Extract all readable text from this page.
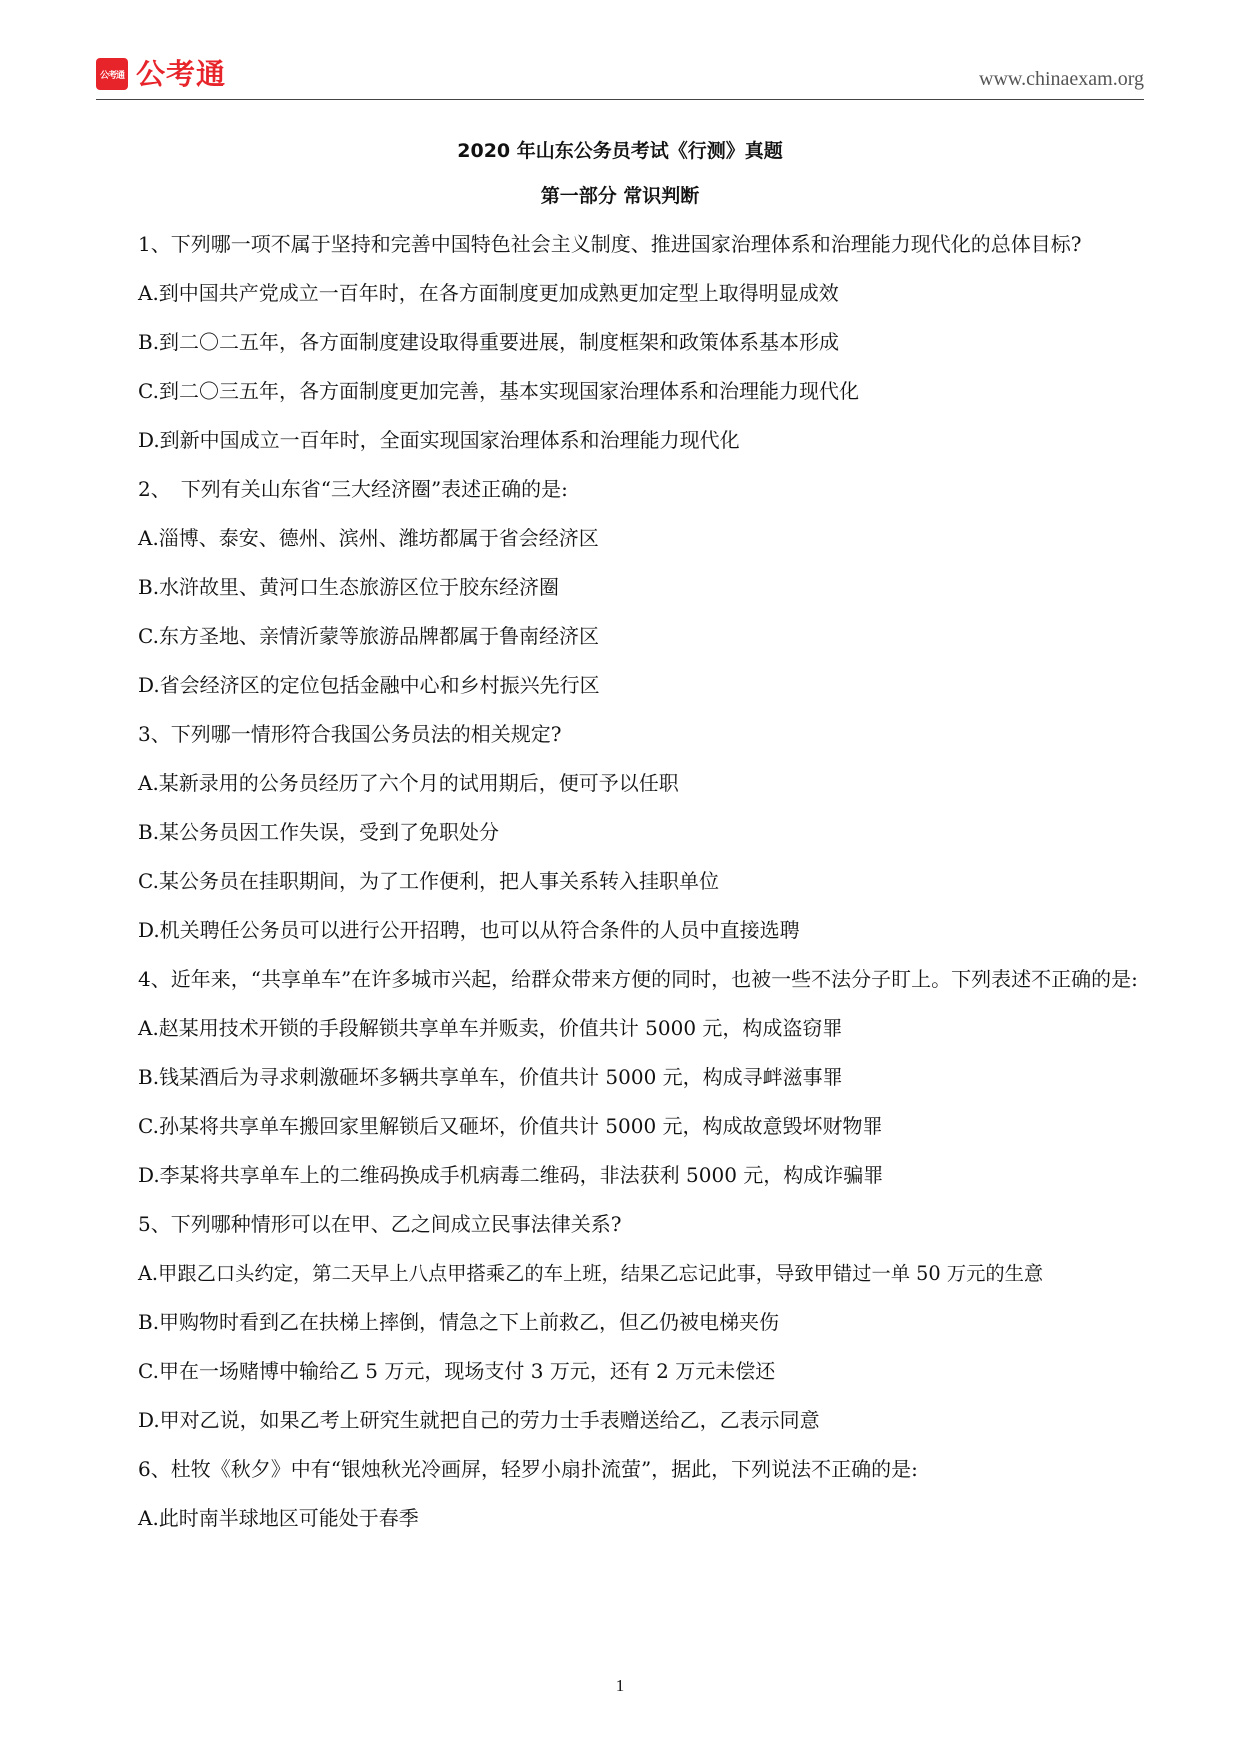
公考通 公考通	www.chinaexam.org

2020 年山东公务员考试《行测》真题

第一部分 常识判断

1、下列哪一项不属于坚持和完善中国特色社会主义制度、推进国家治理体系和治理能力现代化的总体目标?

A.到中国共产党成立一百年时，在各方面制度更加成熟更加定型上取得明显成效

B.到二〇二五年，各方面制度建设取得重要进展，制度框架和政策体系基本形成

C.到二〇三五年，各方面制度更加完善，基本实现国家治理体系和治理能力现代化

D.到新中国成立一百年时，全面实现国家治理体系和治理能力现代化

2、　下列有关山东省“三大经济圈”表述正确的是:

A.淄博、泰安、德州、滨州、潍坊都属于省会经济区

B.水浒故里、黄河口生态旅游区位于胶东经济圈

C.东方圣地、亲情沂蒙等旅游品牌都属于鲁南经济区

D.省会经济区的定位包括金融中心和乡村振兴先行区

3、下列哪一情形符合我国公务员法的相关规定?

A.某新录用的公务员经历了六个月的试用期后，便可予以任职

B.某公务员因工作失误，受到了免职处分

C.某公务员在挂职期间，为了工作便利，把人事关系转入挂职单位

D.机关聘任公务员可以进行公开招聘，也可以从符合条件的人员中直接选聘

4、近年来，“共享单车”在许多城市兴起，给群众带来方便的同时，也被一些不法分子盯上。下列表述不正确的是:

A.赵某用技术开锁的手段解锁共享单车并贩卖，价值共计 5000 元，构成盗窃罪

B.钱某酒后为寻求刺激砸坏多辆共享单车，价值共计 5000 元，构成寻衅滋事罪

C.孙某将共享单车搬回家里解锁后又砸坏，价值共计 5000 元，构成故意毁坏财物罪

D.李某将共享单车上的二维码换成手机病毒二维码，非法获利 5000 元，构成诈骗罪

5、下列哪种情形可以在甲、乙之间成立民事法律关系?

A.甲跟乙口头约定，第二天早上八点甲搭乘乙的车上班，结果乙忘记此事，导致甲错过一单 50 万元的生意

B.甲购物时看到乙在扶梯上摔倒，情急之下上前救乙，但乙仍被电梯夹伤

C.甲在一场赌博中输给乙 5 万元，现场支付 3 万元，还有 2 万元未偿还

D.甲对乙说，如果乙考上研究生就把自己的劳力士手表赠送给乙，乙表示同意

6、杜牧《秋夕》中有“银烛秋光冷画屏，轻罗小扇扑流萤”，据此，下列说法不正确的是:

A.此时南半球地区可能处于春季

1
